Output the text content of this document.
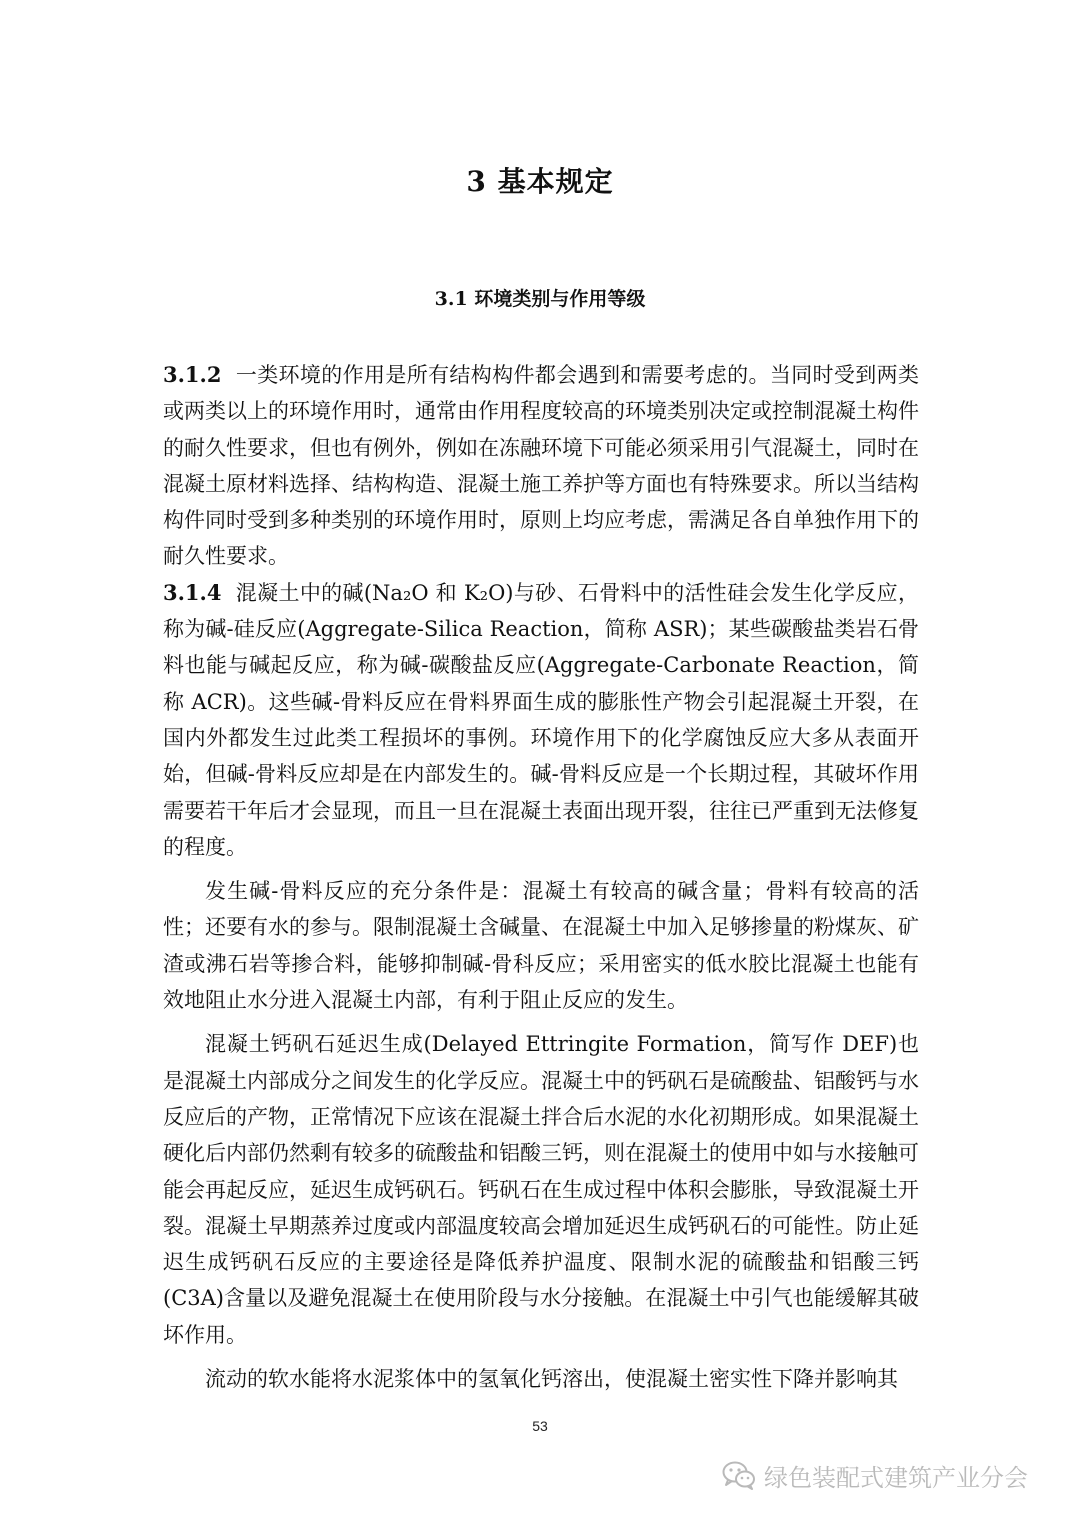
3 基本规定
3.1 环境类别与作用等级

3.1.2 一类环境的作用是所有结构构件都会遇到和需要考虑的。当同时受到两类或两类以上的环境作用时，通常由作用程度较高的环境类别决定或控制混凝土构件的耐久性要求，但也有例外，例如在冻融环境下可能必须采用引气混凝土，同时在混凝土原材料选择、结构构造、混凝土施工养护等方面也有特殊要求。所以当结构构件同时受到多种类别的环境作用时，原则上均应考虑，需满足各自单独作用下的耐久性要求。

3.1.4 混凝土中的碱(Na₂O 和 K₂O)与砂、石骨料中的活性硅会发生化学反应，称为碱-硅反应(Aggregate-Silica Reaction，简称 ASR)；某些碳酸盐类岩石骨料也能与碱起反应，称为碱-碳酸盐反应(Aggregate-Carbonate Reaction，简称 ACR)。这些碱-骨料反应在骨料界面生成的膨胀性产物会引起混凝土开裂，在国内外都发生过此类工程损坏的事例。环境作用下的化学腐蚀反应大多从表面开始，但碱-骨料反应却是在内部发生的。碱-骨料反应是一个长期过程，其破坏作用需要若干年后才会显现，而且一旦在混凝土表面出现开裂，往往已严重到无法修复的程度。

发生碱-骨料反应的充分条件是：混凝土有较高的碱含量；骨料有较高的活性；还要有水的参与。限制混凝土含碱量、在混凝土中加入足够掺量的粉煤灰、矿渣或沸石岩等掺合料，能够抑制碱-骨科反应；采用密实的低水胶比混凝土也能有效地阻止水分进入混凝土内部，有利于阻止反应的发生。

混凝土钙矾石延迟生成(Delayed Ettringite Formation，简写作 DEF)也是混凝土内部成分之间发生的化学反应。混凝土中的钙矾石是硫酸盐、铝酸钙与水反应后的产物，正常情况下应该在混凝土拌合后水泥的水化初期形成。如果混凝土硬化后内部仍然剩有较多的硫酸盐和铝酸三钙，则在混凝土的使用中如与水接触可能会再起反应，延迟生成钙矾石。钙矾石在生成过程中体积会膨胀，导致混凝土开裂。混凝土早期蒸养过度或内部温度较高会增加延迟生成钙矾石的可能性。防止延迟生成钙矾石反应的主要途径是降低养护温度、限制水泥的硫酸盐和铝酸三钙(C3A)含量以及避免混凝土在使用阶段与水分接触。在混凝土中引气也能缓解其破坏作用。

流动的软水能将水泥浆体中的氢氧化钙溶出，使混凝土密实性下降并影响其

53
绿色装配式建筑产业分会
